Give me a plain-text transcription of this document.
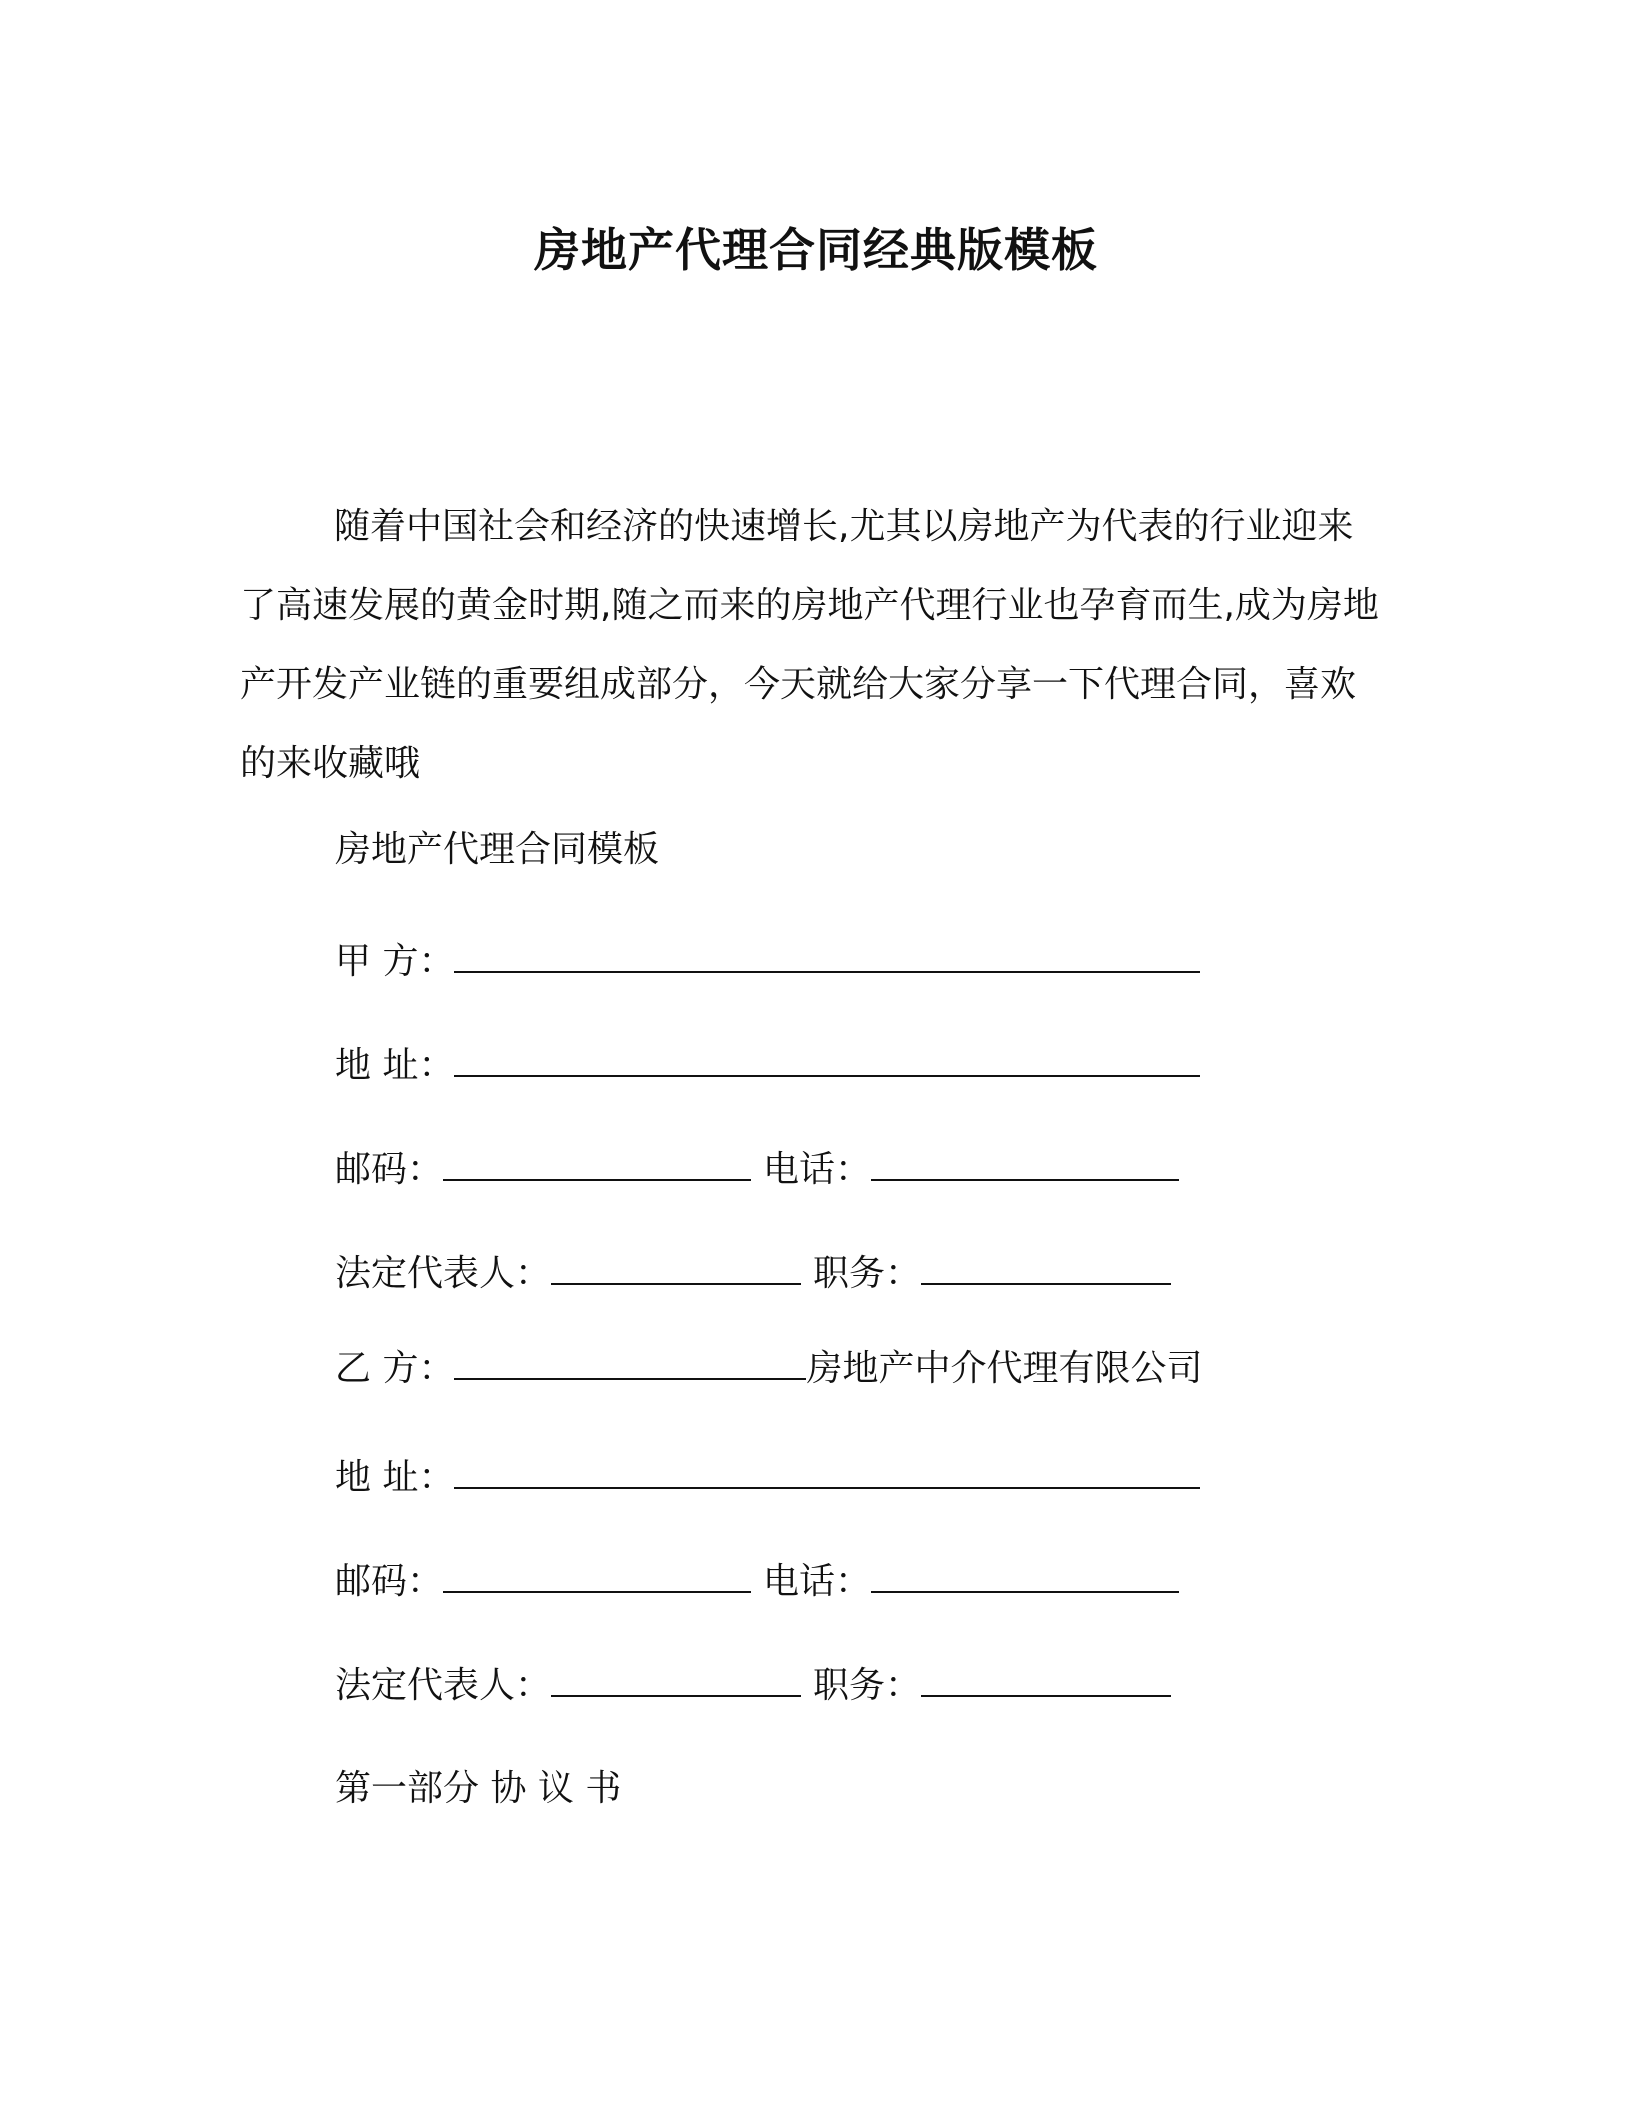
房地产代理合同经典版模板

随着中国社会和经济的快速增长,尤其以房地产为代表的行业迎来了高速发展的黄金时期,随之而来的房地产代理行业也孕育而生,成为房地产开发产业链的重要组成部分，今天就给大家分享一下代理合同，喜欢的来收藏哦

房地产代理合同模板
甲 方：
地 址：
邮码：	电话：
法定代表人：	职务：
乙 方：	房地产中介代理有限公司
地 址：
邮码：	电话：
法定代表人：	职务：
第一部分 协 议 书
